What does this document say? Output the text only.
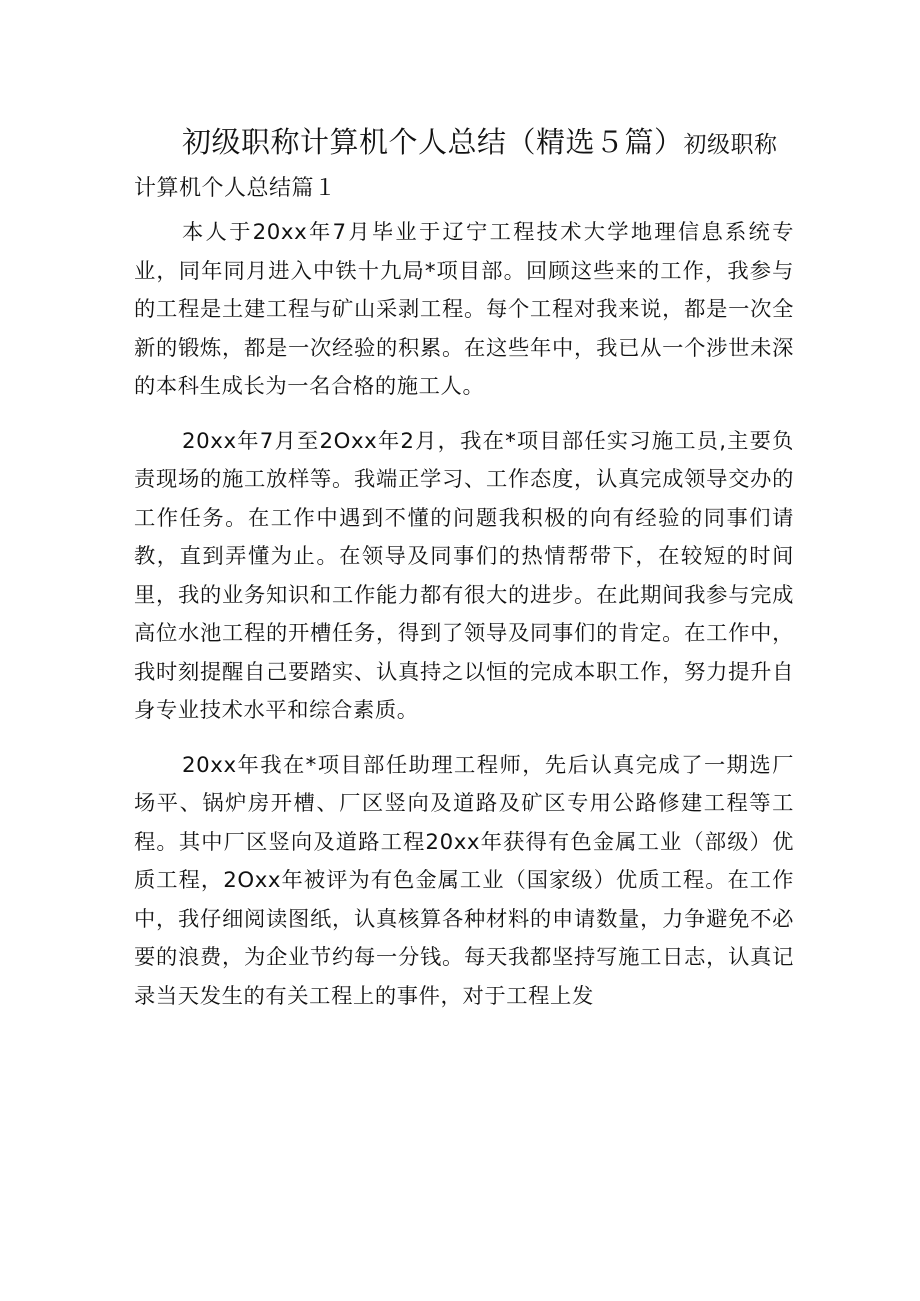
初级职称计算机个人总结（精选５篇）初级职称
计算机个人总结篇１

本人于20xx年7月毕业于辽宁工程技术大学地理信息系统专业，同年同月进入中铁十九局*项目部。回顾这些来的工作，我参与的工程是土建工程与矿山采剥工程。每个工程对我来说，都是一次全新的锻炼，都是一次经验的积累。在这些年中，我已从一个涉世未深的本科生成长为一名合格的施工人。

20xx年7月至2Oxx年2月，我在*项目部任实习施工员,主要负责现场的施工放样等。我端正学习、工作态度，认真完成领导交办的工作任务。在工作中遇到不懂的问题我积极的向有经验的同事们请教，直到弄懂为止。在领导及同事们的热情帮带下，在较短的时间里，我的业务知识和工作能力都有很大的进步。在此期间我参与完成高位水池工程的开槽任务，得到了领导及同事们的肯定。在工作中，我时刻提醒自己要踏实、认真持之以恒的完成本职工作，努力提升自身专业技术水平和综合素质。

20xx年我在*项目部任助理工程师，先后认真完成了一期选厂场平、锅炉房开槽、厂区竖向及道路及矿区专用公路修建工程等工程。其中厂区竖向及道路工程20xx年获得有色金属工业（部级）优质工程，2Oxx年被评为有色金属工业（国家级）优质工程。在工作中，我仔细阅读图纸，认真核算各种材料的申请数量，力争避免不必要的浪费，为企业节约每一分钱。每天我都坚持写施工日志，认真记录当天发生的有关工程上的事件，对于工程上发
